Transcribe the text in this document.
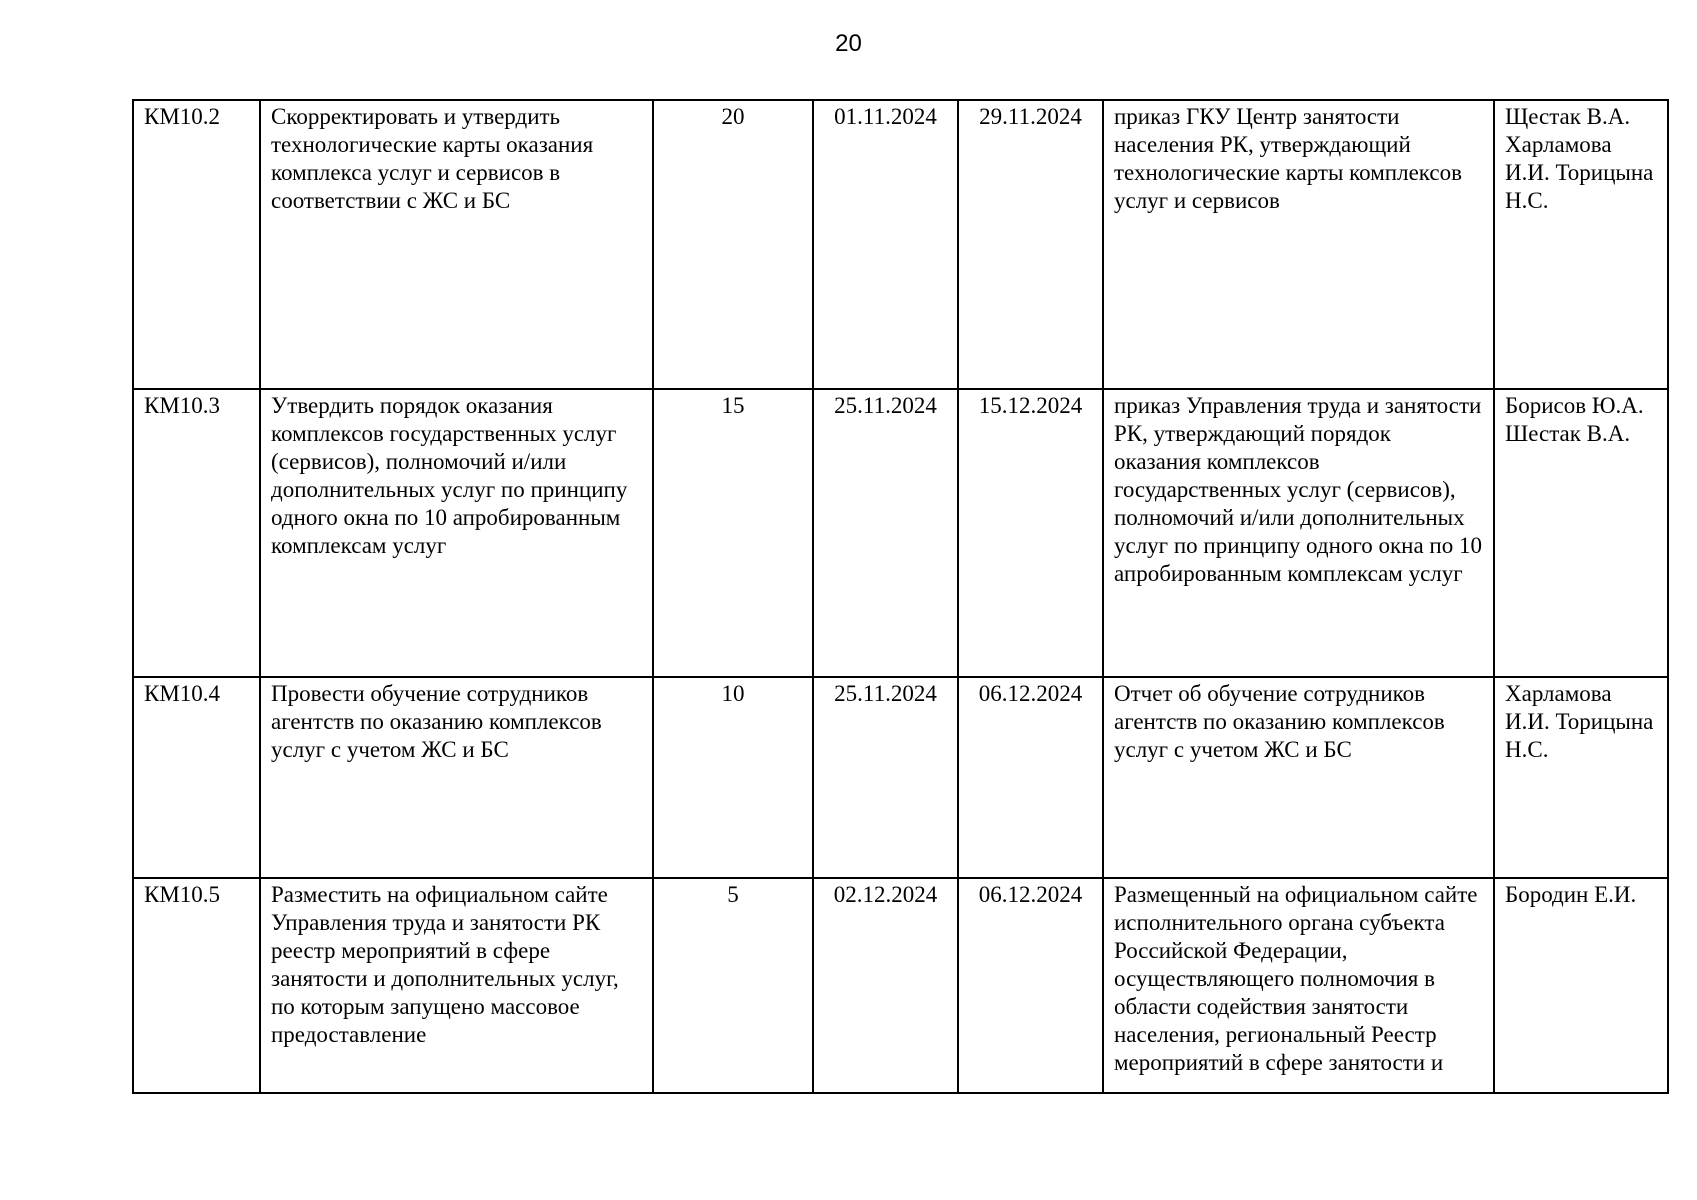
20
КМ10.2	Скорректировать и утвердить технологические карты оказания комплекса услуг и сервисов в соответствии с ЖС и БС	20	01.11.2024	29.11.2024	приказ ГКУ Центр занятости населения РК, утверждающий технологические карты комплексов услуг и сервисов	Щестак В.А. Харламова И.И. Торицына Н.С.
КМ10.3	Утвердить порядок оказания комплексов государственных услуг (сервисов), полномочий и/или дополнительных услуг по принципу одного окна по 10 апробированным комплексам услуг	15	25.11.2024	15.12.2024	приказ Управления труда и занятости РК, утверждающий порядок оказания комплексов государственных услуг (сервисов), полномочий и/или дополнительных услуг по принципу одного окна по 10 апробированным комплексам услуг	Борисов Ю.А. Шестак В.А.
КМ10.4	Провести обучение сотрудников агентств по оказанию комплексов услуг с учетом ЖС и БС	10	25.11.2024	06.12.2024	Отчет об обучение сотрудников агентств по оказанию комплексов услуг с учетом ЖС и БС	Харламова И.И. Торицына Н.С.
КМ10.5	Разместить на официальном сайте Управления труда и занятости РК реестр мероприятий в сфере занятости и дополнительных услуг, по которым запущено массовое предоставление	5	02.12.2024	06.12.2024	Размещенный на официальном сайте исполнительного органа субъекта Российской Федерации, осуществляющего полномочия в области содействия занятости населения, региональный Реестр мероприятий в сфере занятости и	Бородин Е.И.
